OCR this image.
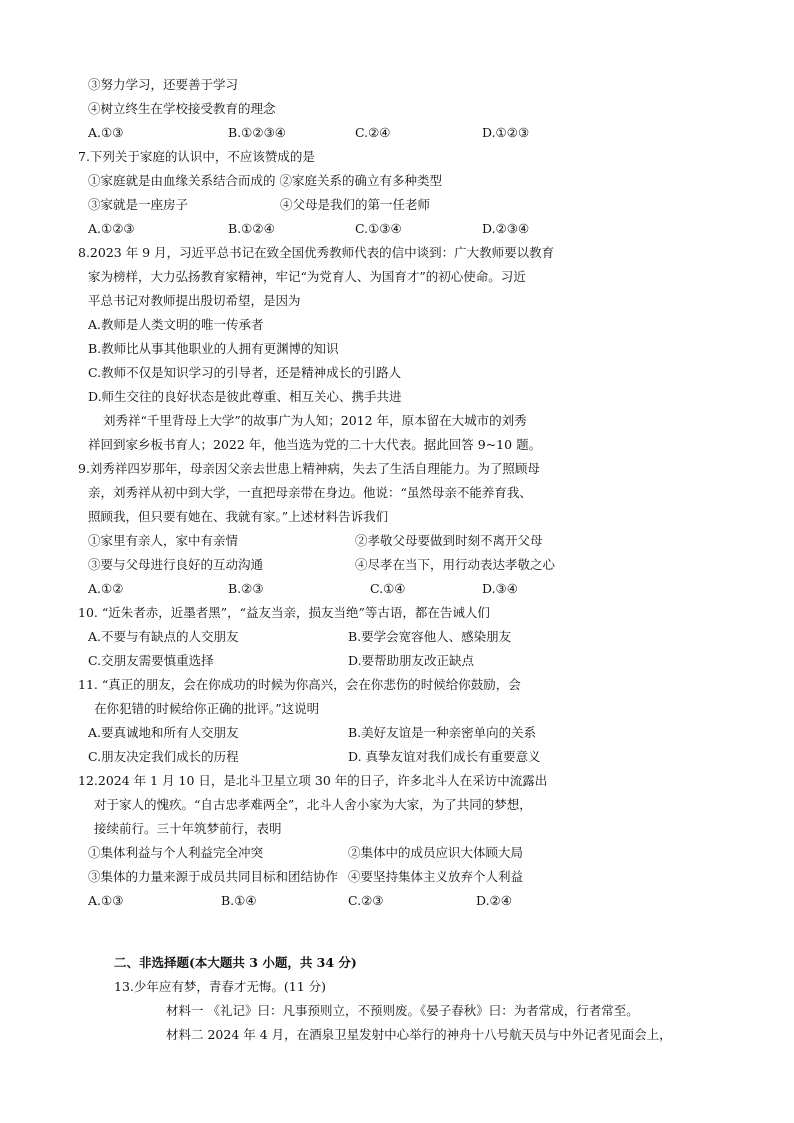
③努力学习，还要善于学习
④树立终生在学校接受教育的理念
A.①③	B.①②③④	C.②④	D.①②③
7.下列关于家庭的认识中，不应该赞成的是
①家庭就是由血缘关系结合而成的 ②家庭关系的确立有多种类型
③家就是一座房子	④父母是我们的第一任老师
A.①②③	B.①②④	C.①③④	D.②③④
8.2023 年 9 月，习近平总书记在致全国优秀教师代表的信中谈到：广大教师要以教育
家为榜样，大力弘扬教育家精神，牢记“为党育人、为国育才”的初心使命。习近
平总书记对教师提出殷切希望，是因为
A.教师是人类文明的唯一传承者
B.教师比从事其他职业的人拥有更渊博的知识
C.教师不仅是知识学习的引导者，还是精神成长的引路人
D.师生交往的良好状态是彼此尊重、相互关心、携手共进
刘秀祥“千里背母上大学”的故事广为人知；2012 年，原本留在大城市的刘秀
祥回到家乡板书育人；2022 年，他当选为党的二十大代表。据此回答 9~10 题。
9.刘秀祥四岁那年，母亲因父亲去世患上精神病，失去了生活自理能力。为了照顾母
亲，刘秀祥从初中到大学，一直把母亲带在身边。他说：“虽然母亲不能养育我、
照顾我，但只要有她在、我就有家。”上述材料告诉我们
①家里有亲人，家中有亲情	②孝敬父母要做到时刻不离开父母
③要与父母进行良好的互动沟通	④尽孝在当下，用行动表达孝敬之心
A.①②	B.②③	C.①④	D.③④
10. “近朱者赤，近墨者黑”，“益友当亲，损友当绝”等古语，都在告诫人们
A.不要与有缺点的人交朋友	B.要学会宽容他人、感染朋友
C.交朋友需要慎重选择	D.要帮助朋友改正缺点
11. “真正的朋友，会在你成功的时候为你高兴，会在你悲伤的时候给你鼓励，会
在你犯错的时候给你正确的批评。”这说明
A.要真诚地和所有人交朋友	B.美好友谊是一种亲密单向的关系
C.朋友决定我们成长的历程	D. 真挚友谊对我们成长有重要意义
12.2024 年 1 月 10 日，是北斗卫星立项 30 年的日子，许多北斗人在采访中流露出
对于家人的愧疚。“自古忠孝难两全”，北斗人舍小家为大家，为了共同的梦想，
接续前行。三十年筑梦前行，表明
①集体利益与个人利益完全冲突	②集体中的成员应识大体顾大局
③集体的力量来源于成员共同目标和团结协作 ④要坚持集体主义放弃个人利益
A.①③	B.①④	C.②③	D.②④
二、非选择题(本大题共 3 小题，共 34 分)
13.少年应有梦，青春才无悔。(11 分)
材料一 《礼记》曰：凡事预则立，不预则废。《晏子春秋》曰：为者常成，行者常至。
材料二 2024 年 4 月，在酒泉卫星发射中心举行的神舟十八号航天员与中外记者见面会上，
